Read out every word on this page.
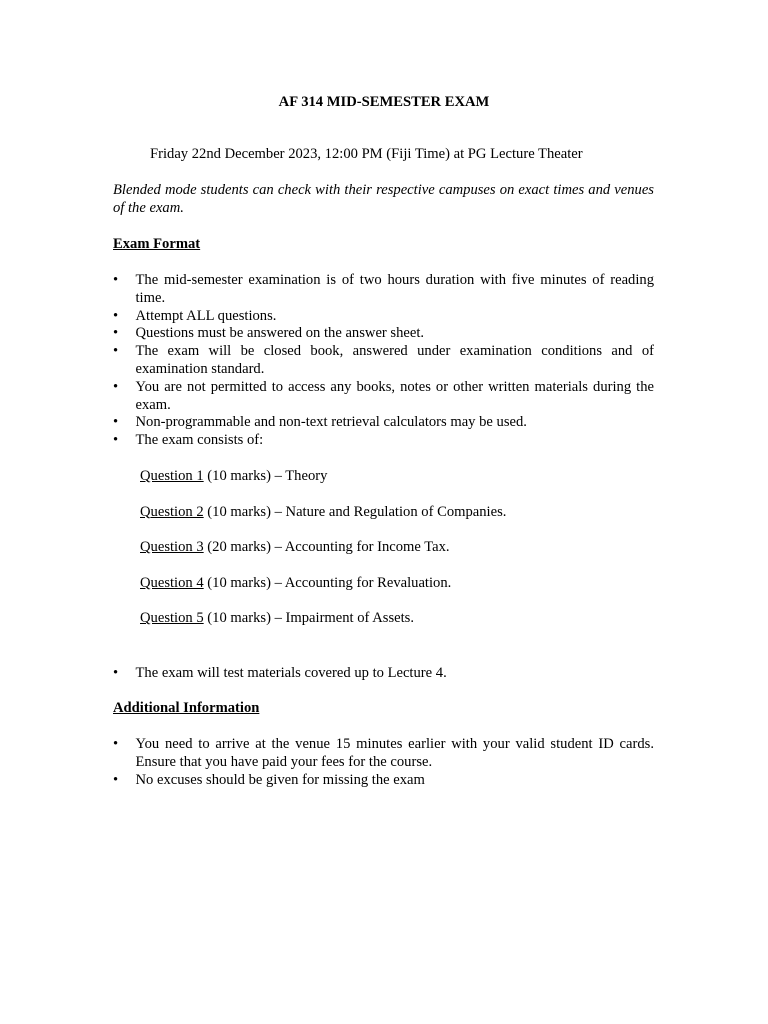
AF 314 MID-SEMESTER EXAM
Friday 22nd December 2023, 12:00 PM (Fiji Time) at PG Lecture Theater
Blended mode students can check with their respective campuses on exact times and venues of the exam.
Exam Format
• The mid-semester examination is of two hours duration with five minutes of reading time.
• Attempt ALL questions.
• Questions must be answered on the answer sheet.
• The exam will be closed book, answered under examination conditions and of examination standard.
• You are not permitted to access any books, notes or other written materials during the exam.
• Non-programmable and non-text retrieval calculators may be used.
• The exam consists of:
Question 1 (10 marks) – Theory
Question 2 (10 marks) – Nature and Regulation of Companies.
Question 3 (20 marks) – Accounting for Income Tax.
Question 4 (10 marks) – Accounting for Revaluation.
Question 5 (10 marks) – Impairment of Assets.
• The exam will test materials covered up to Lecture 4.
Additional Information
• You need to arrive at the venue 15 minutes earlier with your valid student ID cards. Ensure that you have paid your fees for the course.
• No excuses should be given for missing the exam
